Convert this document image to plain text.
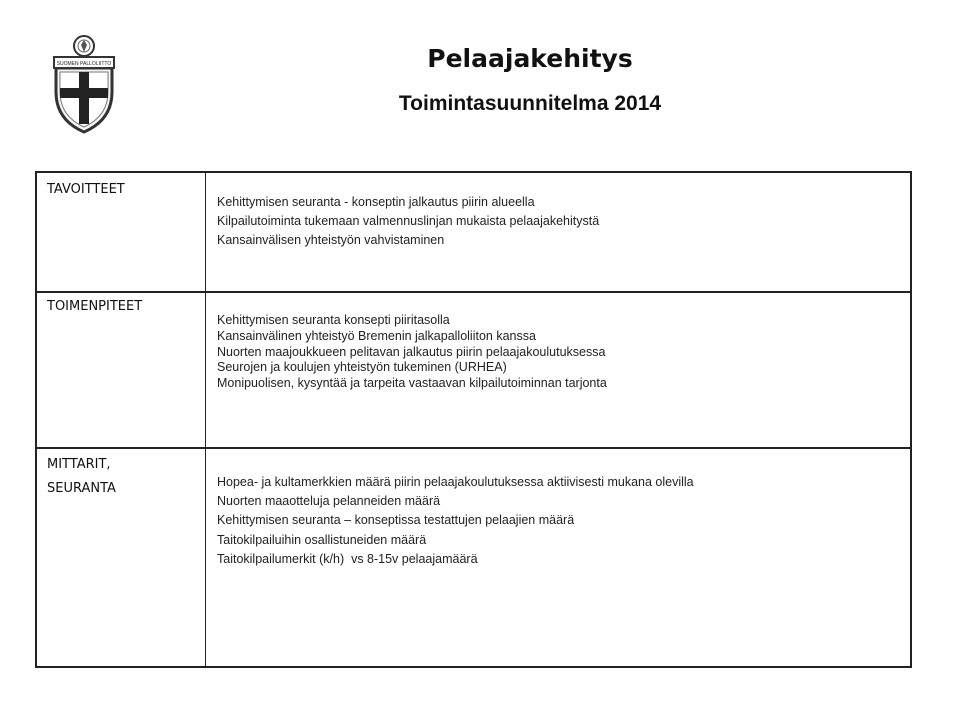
SUOMEN PALLOLIITTO	Pelaajakehitys
Toimintasuunnitelma 2014
TAVOITTEET
Kehittymisen seuranta - konseptin jalkautus piirin alueella
Kilpailutoiminta tukemaan valmennuslinjan mukaista pelaajakehitystä
Kansainvälisen yhteistyön vahvistaminen
TOIMENPITEET
Kehittymisen seuranta konsepti piiritasolla
Kansainvälinen yhteistyö Bremenin jalkapalloliiton kanssa
Nuorten maajoukkueen pelitavan jalkautus piirin pelaajakoulutuksessa
Seurojen ja koulujen yhteistyön tukeminen (URHEA)
Monipuolisen, kysyntää ja tarpeita vastaavan kilpailutoiminnan tarjonta
MITTARIT,
SEURANTA	Hopea- ja kultamerkkien määrä piirin pelaajakoulutuksessa aktiivisesti mukana olevilla
Nuorten maaotteluja pelanneiden määrä
Kehittymisen seuranta – konseptissa testattujen pelaajien määrä
Taitokilpailuihin osallistuneiden määrä
Taitokilpailumerkit (k/h)  vs 8-15v pelaajamäärä
